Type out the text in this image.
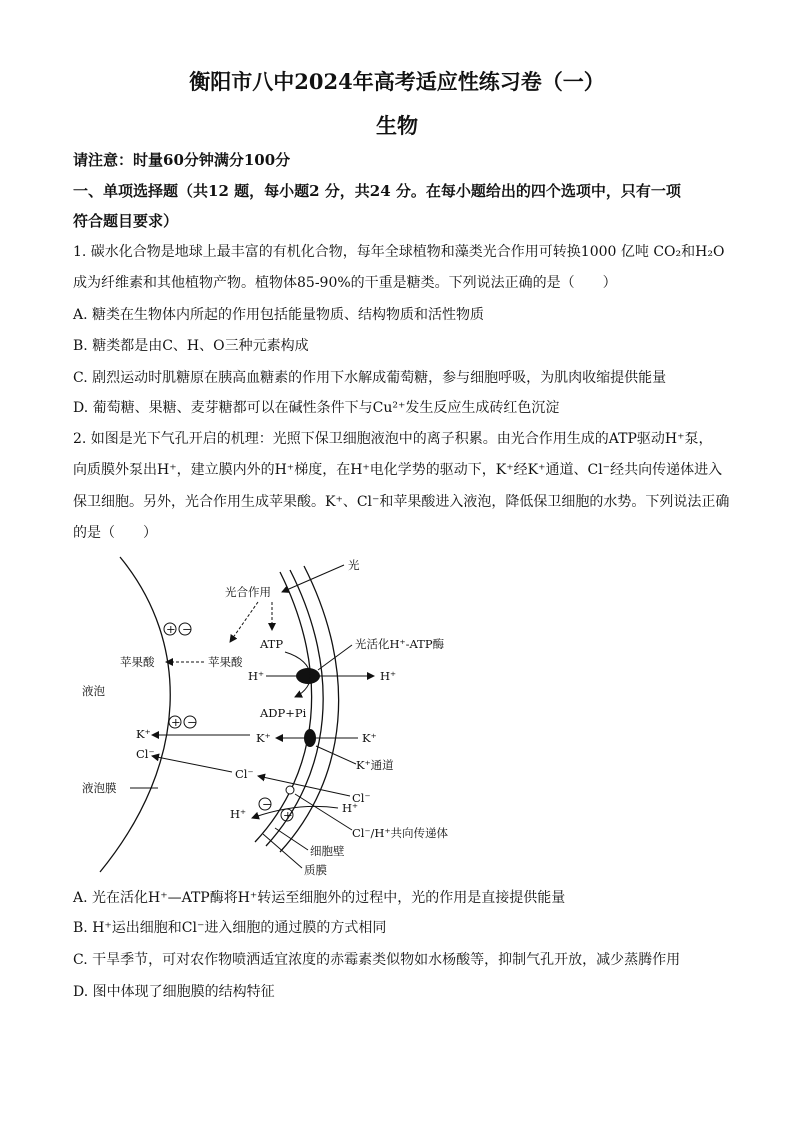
衡阳市八中2024年高考适应性练习卷（一）
生物
请注意：时量60分钟满分100分
一、单项选择题（共12 题，每小题2 分，共24 分。在每小题给出的四个选项中，只有一项
符合题目要求）
1. 碳水化合物是地球上最丰富的有机化合物，每年全球植物和藻类光合作用可转换1000 亿吨 CO₂和H₂O
成为纤维素和其他植物产物。植物体85-90%的干重是糖类。下列说法正确的是（　　）
A. 糖类在生物体内所起的作用包括能量物质、结构物质和活性物质
B. 糖类都是由C、H、O三种元素构成
C. 剧烈运动时肌糖原在胰高血糖素的作用下水解成葡萄糖，参与细胞呼吸，为肌肉收缩提供能量
D. 葡萄糖、果糖、麦芽糖都可以在碱性条件下与Cu²⁺发生反应生成砖红色沉淀
2. 如图是光下气孔开启的机理：光照下保卫细胞液泡中的离子积累。由光合作用生成的ATP驱动H⁺泵，
向质膜外泵出H⁺，建立膜内外的H⁺梯度，在H⁺电化学势的驱动下，K⁺经K⁺通道、Cl⁻经共向传递体进入
保卫细胞。另外，光合作用生成苹果酸。K⁺、Cl⁻和苹果酸进入液泡，降低保卫细胞的水势。下列说法正确
的是（　　）
光
光合作用
ATP	光活化H⁺-ATP酶
苹果酸
苹果酸
+ −
H⁺	H⁺
ADP+Pi
液泡
+ −
K⁺	K⁺	K⁺
K⁺通道
Cl⁻
Cl⁻
液泡膜
Cl⁻
H⁺
H⁺
−
+
Cl⁻/H⁺共向传递体
细胞壁
质膜
A. 光在活化H⁺—ATP酶将H⁺转运至细胞外的过程中，光的作用是直接提供能量
B. H⁺运出细胞和Cl⁻进入细胞的通过膜的方式相同
C. 干旱季节，可对农作物喷洒适宜浓度的赤霉素类似物如水杨酸等，抑制气孔开放，减少蒸腾作用
D. 图中体现了细胞膜的结构特征
